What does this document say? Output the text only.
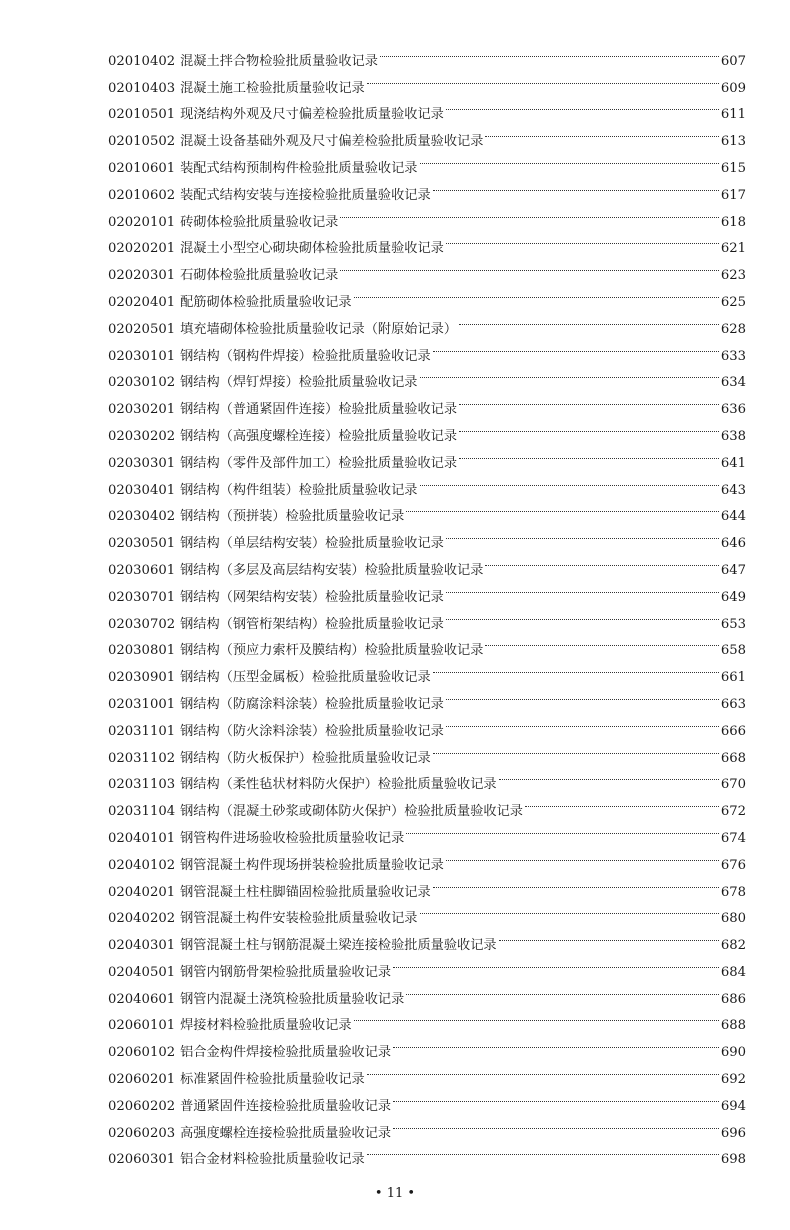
02010402 混凝土拌合物检验批质量验收记录	607
02010403 混凝土施工检验批质量验收记录	609
02010501 现浇结构外观及尺寸偏差检验批质量验收记录	611
02010502 混凝土设备基础外观及尺寸偏差检验批质量验收记录	613
02010601 装配式结构预制构件检验批质量验收记录	615
02010602 装配式结构安装与连接检验批质量验收记录	617
02020101 砖砌体检验批质量验收记录	618
02020201 混凝土小型空心砌块砌体检验批质量验收记录	621
02020301 石砌体检验批质量验收记录	623
02020401 配筋砌体检验批质量验收记录	625
02020501 填充墙砌体检验批质量验收记录（附原始记录）	628
02030101 钢结构（钢构件焊接）检验批质量验收记录	633
02030102 钢结构（焊钉焊接）检验批质量验收记录	634
02030201 钢结构（普通紧固件连接）检验批质量验收记录	636
02030202 钢结构（高强度螺栓连接）检验批质量验收记录	638
02030301 钢结构（零件及部件加工）检验批质量验收记录	641
02030401 钢结构（构件组装）检验批质量验收记录	643
02030402 钢结构（预拼装）检验批质量验收记录	644
02030501 钢结构（单层结构安装）检验批质量验收记录	646
02030601 钢结构（多层及高层结构安装）检验批质量验收记录	647
02030701 钢结构（网架结构安装）检验批质量验收记录	649
02030702 钢结构（钢管桁架结构）检验批质量验收记录	653
02030801 钢结构（预应力索杆及膜结构）检验批质量验收记录	658
02030901 钢结构（压型金属板）检验批质量验收记录	661
02031001 钢结构（防腐涂料涂装）检验批质量验收记录	663
02031101 钢结构（防火涂料涂装）检验批质量验收记录	666
02031102 钢结构（防火板保护）检验批质量验收记录	668
02031103 钢结构（柔性毡状材料防火保护）检验批质量验收记录	670
02031104 钢结构（混凝土砂浆或砌体防火保护）检验批质量验收记录	672
02040101 钢管构件进场验收检验批质量验收记录	674
02040102 钢管混凝土构件现场拼装检验批质量验收记录	676
02040201 钢管混凝土柱柱脚锚固检验批质量验收记录	678
02040202 钢管混凝土构件安装检验批质量验收记录	680
02040301 钢管混凝土柱与钢筋混凝土梁连接检验批质量验收记录	682
02040501 钢管内钢筋骨架检验批质量验收记录	684
02040601 钢管内混凝土浇筑检验批质量验收记录	686
02060101 焊接材料检验批质量验收记录	688
02060102 铝合金构件焊接检验批质量验收记录	690
02060201 标准紧固件检验批质量验收记录	692
02060202 普通紧固件连接检验批质量验收记录	694
02060203 高强度螺栓连接检验批质量验收记录	696
02060301 铝合金材料检验批质量验收记录	698
• 11 •
